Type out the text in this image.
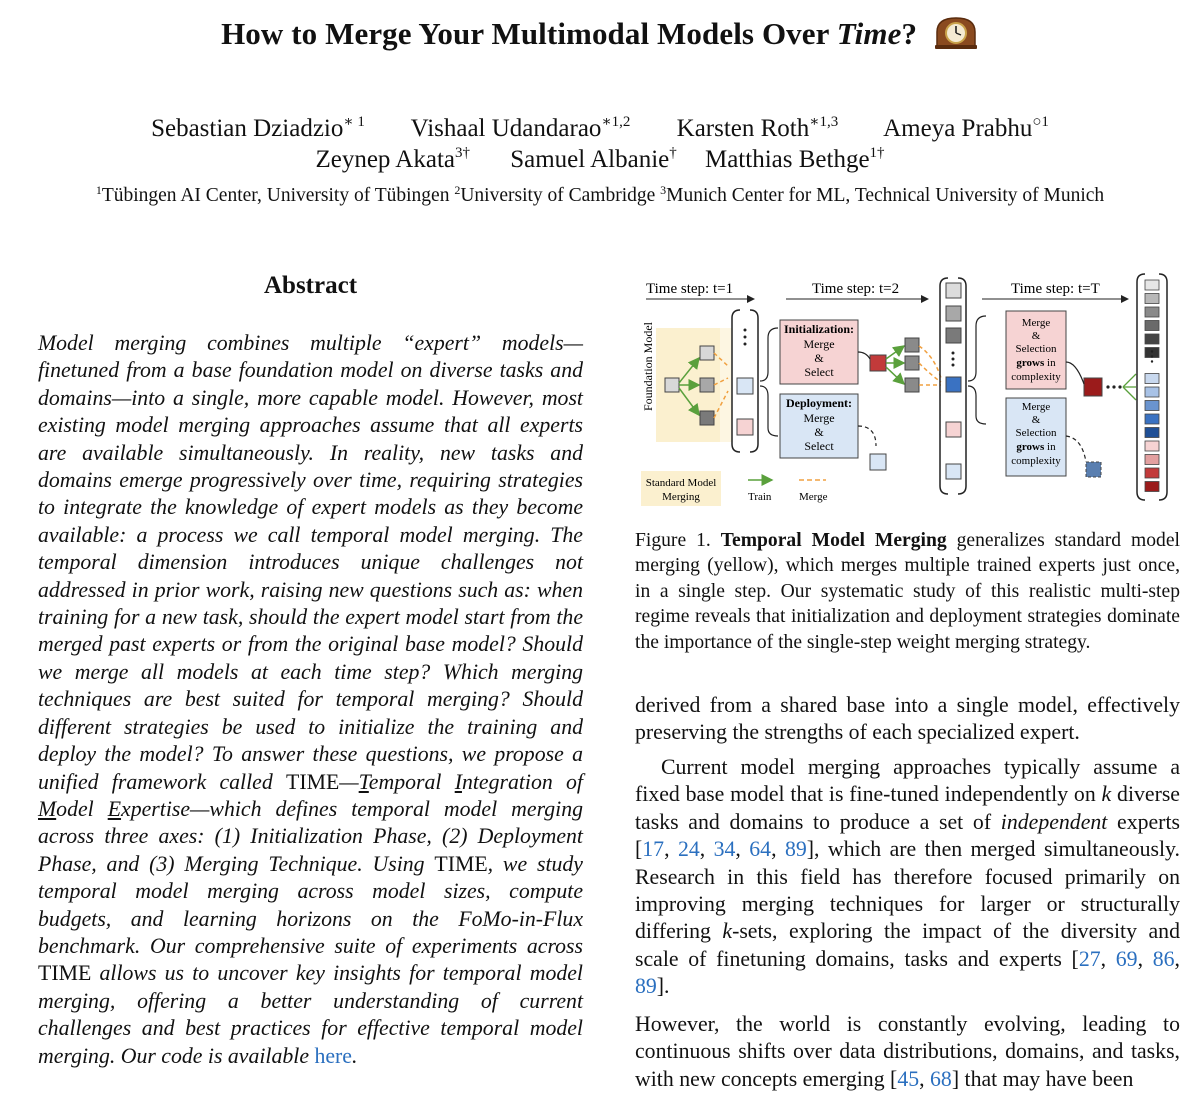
How to Merge Your Multimodal Models Over Time?
Sebastian Dziadzio$^{∗ 1}$ Vishaal Udandarao$^{∗1,2}$ Karsten Roth$^{∗1,3}$ Ameya Prabhu$^{○1}$
Zeynep Akata$^{3\dagger}$ Samuel Albanie† Matthias Bethge$^{1\dagger}$
$^1$Tübingen AI Center, University of Tübingen $^2$University of Cambridge $^3$Munich Center for ML, Technical University of Munich
Abstract
Model merging combines multiple “expert” models—finetuned from a base foundation model on diverse tasks and domains—into a single, more capable model. However, most existing model merging approaches assume that all experts are available simultaneously. In reality, new tasks and domains emerge progressively over time, requiring strategies to integrate the knowledge of expert models as they become available: a process we call temporal model merging. The temporal dimension introduces unique challenges not addressed in prior work, raising new questions such as: when training for a new task, should the expert model start from the merged past experts or from the original base model? Should we merge all models at each time step? Which merging techniques are best suited for temporal merging? Should different strategies be used to initialize the training and deploy the model? To answer these questions, we propose a unified framework called TIME—Temporal Integration of Model Expertise—which defines temporal model merging across three axes: (1) Initialization Phase, (2) Deployment Phase, and (3) Merging Technique. Using TIME, we study temporal model merging across model sizes, compute budgets, and learning horizons on the FoMo-in-Flux benchmark. Our comprehensive suite of experiments across TIME allows us to uncover key insights for temporal model merging, offering a better understanding of current challenges and best practices for effective temporal model merging. Our code is available here.
Time step: t=1	Time step: t=2	Time step: t=T
Foundation Model	Initialization:
Merge
&
Select
Deployment:
Merge
&
Select
Merge
&
Selection
grows in
complexity
Merge
&
Selection
grows in
complexity
Standard Model
Merging	Train	Merge
Figure 1. Temporal Model Merging generalizes standard model merging (yellow), which merges multiple trained experts just once, in a single step. Our systematic study of this realistic multi-step regime reveals that initialization and deployment strategies dominate the importance of the single-step weight merging strategy.
derived from a shared base into a single model, effectively preserving the strengths of each specialized expert.
Current model merging approaches typically assume a fixed base model that is fine-tuned independently on k diverse tasks and domains to produce a set of independent experts [17, 24, 34, 64, 89], which are then merged simultaneously. Research in this field has therefore focused primarily on improving merging techniques for larger or structurally differing k-sets, exploring the impact of the diversity and scale of finetuning domains, tasks and experts [27, 69, 86, 89].
However, the world is constantly evolving, leading to continuous shifts over data distributions, domains, and tasks, with new concepts emerging [45, 68] that may have been
